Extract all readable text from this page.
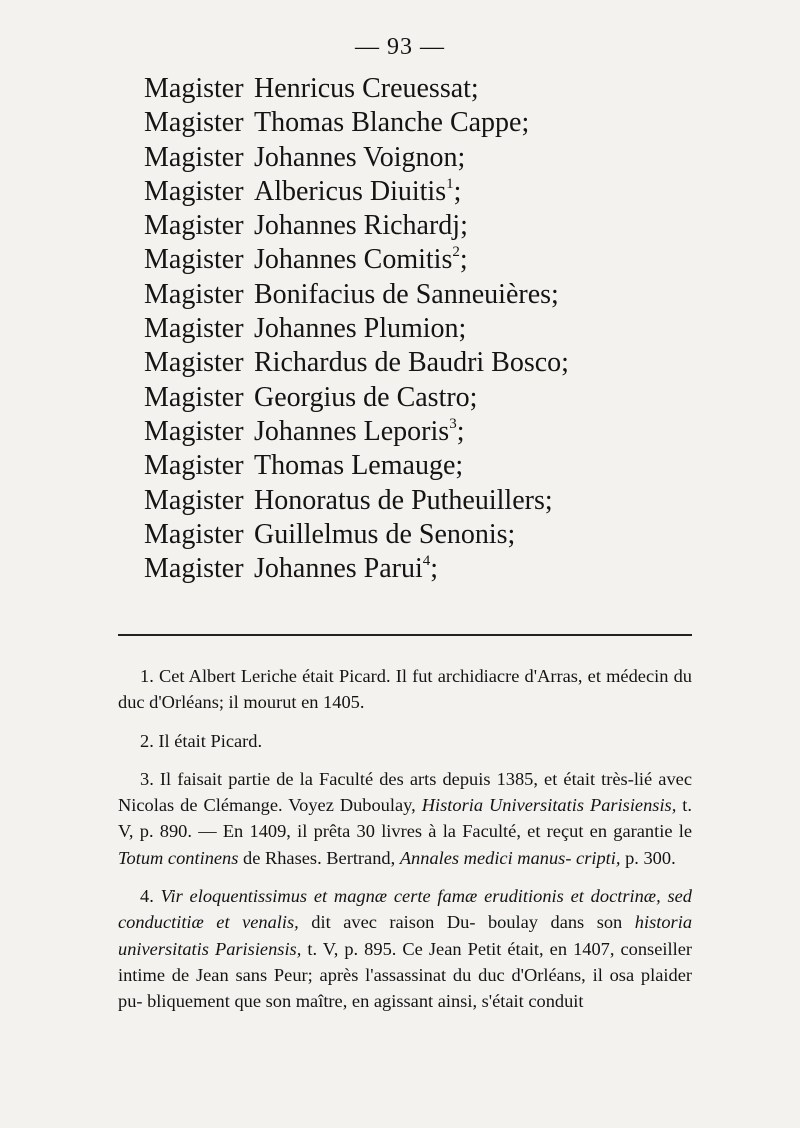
— 93 —
Magister Henricus Creuessat;
Magister Thomas Blanche Cappe;
Magister Johannes Voignon;
Magister Albericus Diuitis$^1$;
Magister Johannes Richardj;
Magister Johannes Comitis$^2$;
Magister Bonifacius de Sanneuières;
Magister Johannes Plumion;
Magister Richardus de Baudri Bosco;
Magister Georgius de Castro;
Magister Johannes Leporis$^3$;
Magister Thomas Lemauge;
Magister Honoratus de Putheuillers;
Magister Guillelmus de Senonis;
Magister Johannes Parui$^4$;

1. Cet Albert Leriche était Picard. Il fut archidiacre d'Arras, et médecin du duc d'Orléans; il mourut en 1405.

2. Il était Picard.

3. Il faisait partie de la Faculté des arts depuis 1385, et était très-lié avec Nicolas de Clémange. Voyez Duboulay, Historia Universitatis Parisiensis, t. V, p. 890. — En 1409, il prêta 30 livres à la Faculté, et reçut en garantie le Totum continens de Rhases. Bertrand, Annales medici manus- cripti, p. 300.

4. Vir eloquentissimus et magnæ certe famæ eruditionis et doctrinæ, sed conductitiæ et venalis, dit avec raison Du- boulay dans son historia universitatis Parisiensis, t. V, p. 895. Ce Jean Petit était, en 1407, conseiller intime de Jean sans Peur; après l'assassinat du duc d'Orléans, il osa plaider pu- bliquement que son maître, en agissant ainsi, s'était conduit
